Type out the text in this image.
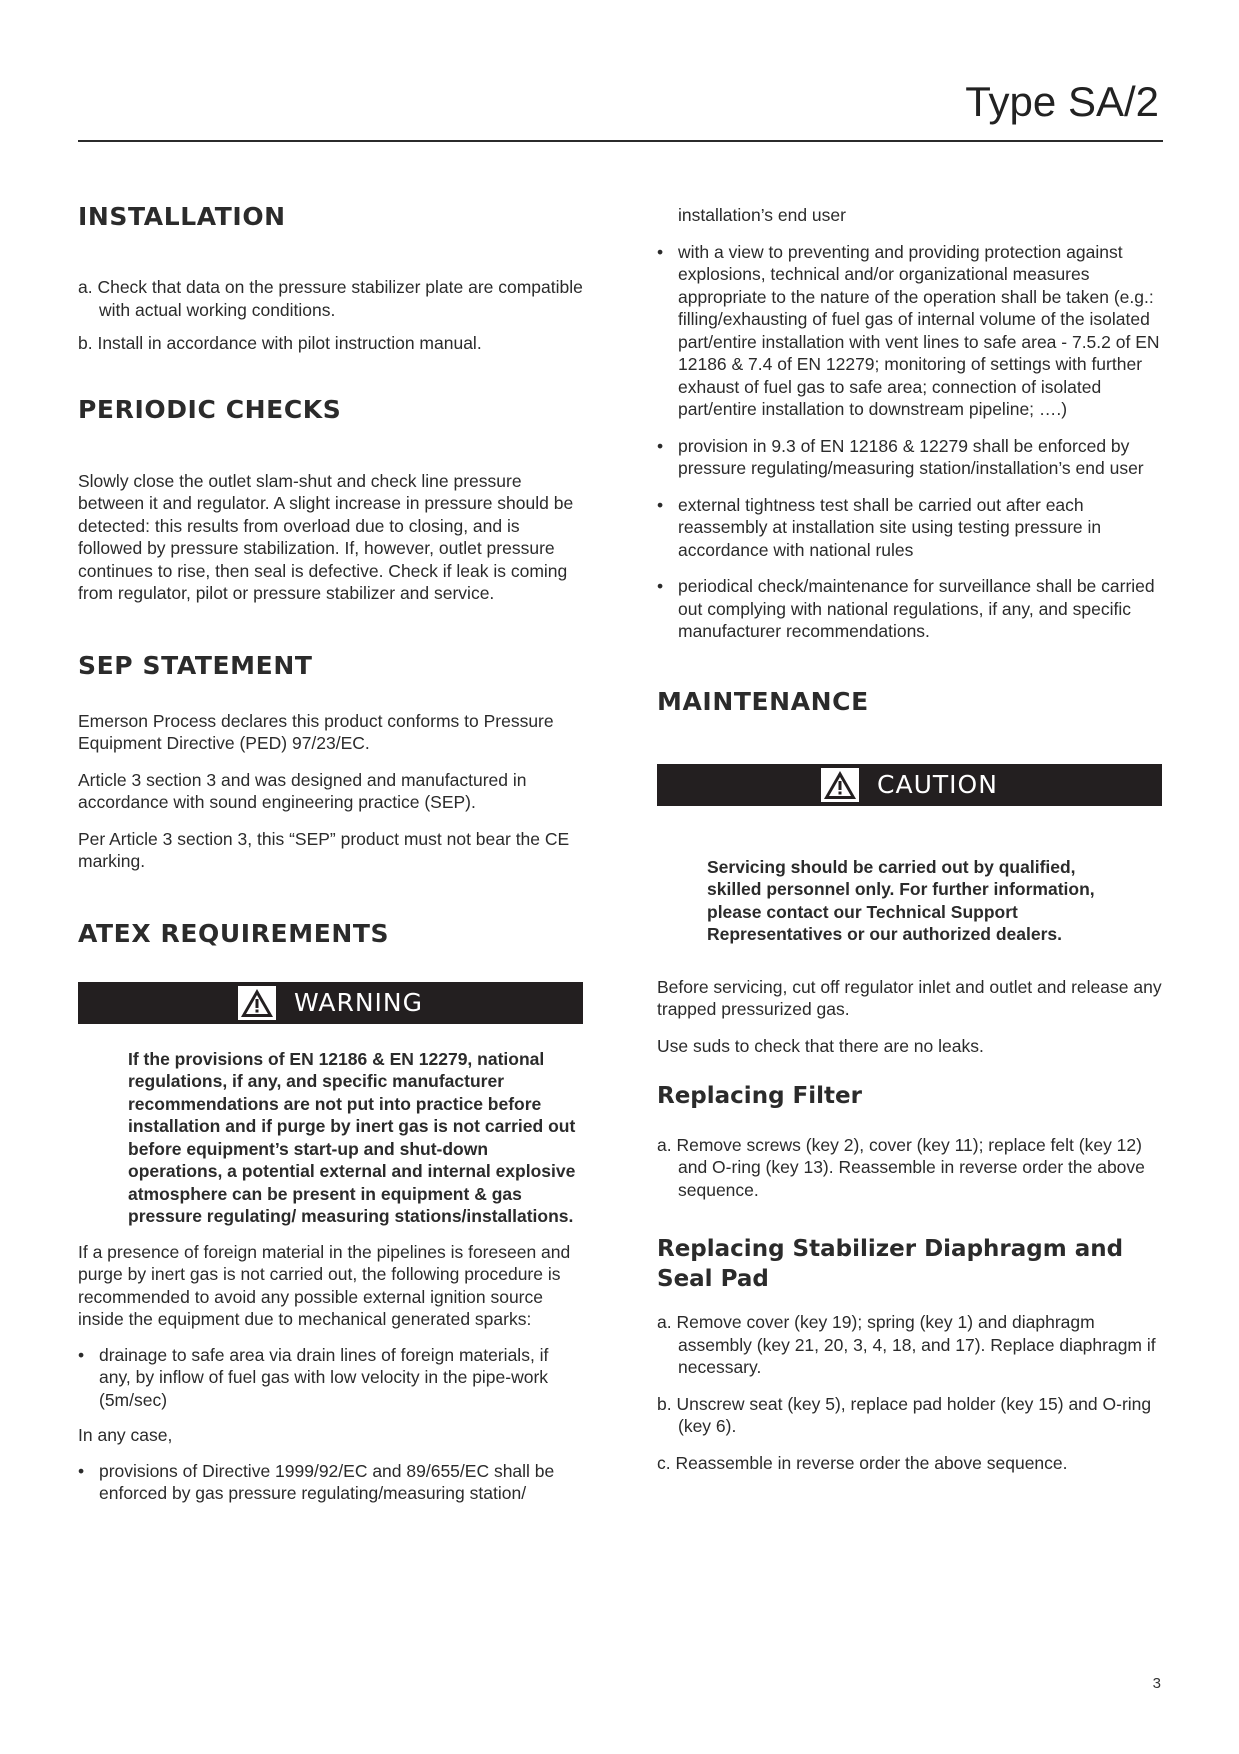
Type SA/2
INSTALLATION

a. Check that data on the pressure stabilizer plate are compatible with actual working conditions.

b. Install in accordance with pilot instruction manual.

PERIODIC CHECKS

Slowly close the outlet slam-shut and check line pressure between it and regulator. A slight increase in pressure should be detected: this results from overload due to closing, and is followed by pressure stabilization. If, however, outlet pressure continues to rise, then seal is defective. Check if leak is coming from regulator, pilot or pressure stabilizer and service.

SEP STATEMENT

Emerson Process declares this product conforms to Pressure Equipment Directive (PED) 97/23/EC.

Article 3 section 3 and was designed and manufactured in accordance with sound engineering practice (SEP).

Per Article 3 section 3, this “SEP” product must not bear the CE marking.

ATEX REQUIREMENTS
WARNING

If the provisions of EN 12186 & EN 12279, national regulations, if any, and specific manufacturer recommendations are not put into practice before installation and if purge by inert gas is not carried out before equipment’s start-up and shut-down operations, a potential external and internal explosive atmosphere can be present in equipment & gas pressure regulating/ measuring stations/installations.

If a presence of foreign material in the pipelines is foreseen and purge by inert gas is not carried out, the following procedure is recommended to avoid any possible external ignition source inside the equipment due to mechanical generated sparks:

• drainage to safe area via drain lines of foreign materials, if any, by inflow of fuel gas with low velocity in the pipe-work (5m/sec)

In any case,

• provisions of Directive 1999/92/EC and 89/655/EC shall be enforced by gas pressure regulating/measuring station/

installation’s end user

• with a view to preventing and providing protection against explosions, technical and/or organizational measures appropriate to the nature of the operation shall be taken (e.g.: filling/exhausting of fuel gas of internal volume of the isolated part/entire installation with vent lines to safe area - 7.5.2 of EN 12186 & 7.4 of EN 12279; monitoring of settings with further exhaust of fuel gas to safe area; connection of isolated part/entire installation to downstream pipeline; ….)
• provision in 9.3 of EN 12186 & 12279 shall be enforced by pressure regulating/measuring station/installation’s end user
• external tightness test shall be carried out after each reassembly at installation site using testing pressure in accordance with national rules
• periodical check/maintenance for surveillance shall be carried out complying with national regulations, if any, and specific manufacturer recommendations.
MAINTENANCE
CAUTION

Servicing should be carried out by qualified, skilled personnel only. For further information, please contact our Technical Support Representatives or our authorized dealers.

Before servicing, cut off regulator inlet and outlet and release any trapped pressurized gas.

Use suds to check that there are no leaks.

Replacing Filter

a. Remove screws (key 2), cover (key 11); replace felt (key 12) and O-ring (key 13). Reassemble in reverse order the above sequence.

Replacing Stabilizer Diaphragm and Seal Pad

a. Remove cover (key 19); spring (key 1) and diaphragm assembly (key 21, 20, 3, 4, 18, and 17). Replace diaphragm if necessary.

b. Unscrew seat (key 5), replace pad holder (key 15) and O-ring (key 6).

c. Reassemble in reverse order the above sequence.

3
